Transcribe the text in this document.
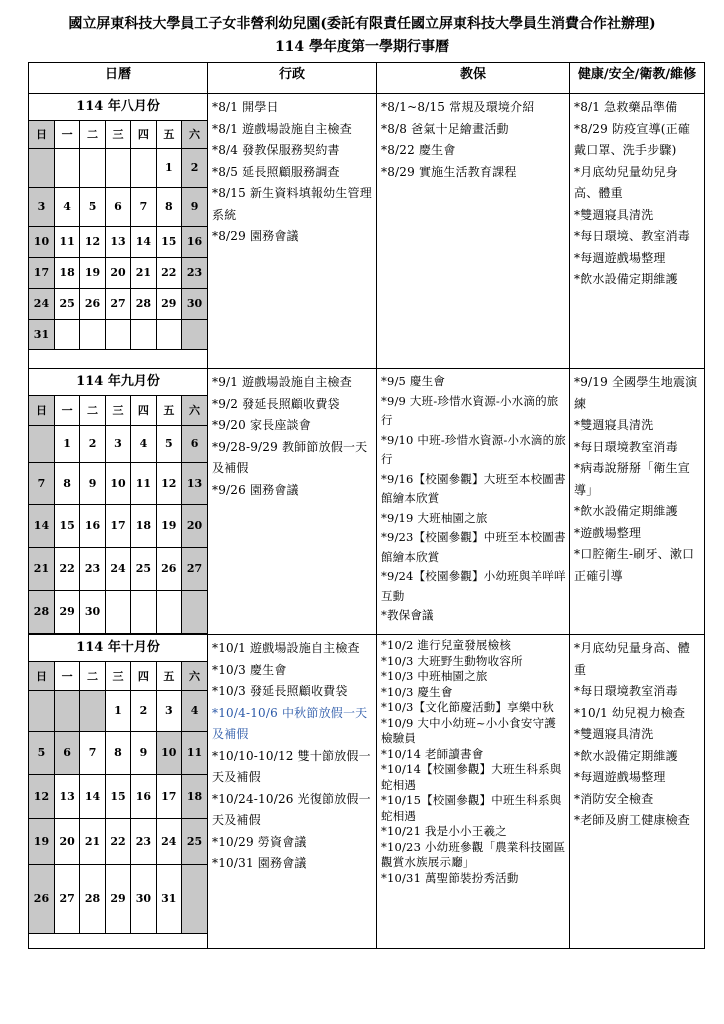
國立屏東科技大學員工子女非營利幼兒園(委託有限責任國立屏東科技大學員生消費合作社辦理)
114 學年度第一學期行事曆
日曆	行政	教保	健康/安全/衛教/維修

114 年八月份
日	一	二	三	四	五	六
					1	2
3	4	5	6	7	8	9
10	11	12	13	14	15	16
17	18	19	20	21	22	23
24	25	26	27	28	29	30
31						

*8/1 開學日
*8/1 遊戲場設施自主檢查
*8/4 發教保服務契約書
*8/5 延長照顧服務調查
*8/15 新生資料填報幼生管理系統
*8/29 園務會議

*8/1~8/15 常規及環境介紹
*8/8 爸氣十足繪畫活動
*8/22 慶生會
*8/29 實施生活教育課程

*8/1 急救藥品準備
*8/29 防疫宣導(正確戴口罩、洗手步驟)
*月底幼兒量幼兒身高、體重
*雙週寢具清洗
*每日環境、教室消毒
*每週遊戲場整理
*飲水設備定期維護

114 年九月份
日	一	二	三	四	五	六
	1	2	3	4	5	6
7	8	9	10	11	12	13
14	15	16	17	18	19	20
21	22	23	24	25	26	27
28	29	30				

*9/1 遊戲場設施自主檢查
*9/2 發延長照顧收費袋
*9/20 家長座談會
*9/28-9/29 教師節放假一天及補假
*9/26 園務會議

*9/5 慶生會
*9/9 大班-珍惜水資源-小水滴的旅行
*9/10 中班-珍惜水資源-小水滴的旅行
*9/16【校園參觀】大班至本校圖書館繪本欣賞
*9/19 大班柚園之旅
*9/23【校園參觀】中班至本校圖書館繪本欣賞
*9/24【校園參觀】小幼班與羊咩咩互動
*教保會議

*9/19 全國學生地震演練
*雙週寢具清洗
*每日環境教室消毒
*病毒說掰掰「衛生宣導」
*飲水設備定期維護
*遊戲場整理
*口腔衛生-刷牙、漱口正確引導

114 年十月份
日	一	二	三	四	五	六
			1	2	3	4
5	6	7	8	9	10	11
12	13	14	15	16	17	18
19	20	21	22	23	24	25
26	27	28	29	30	31	

*10/1 遊戲場設施自主檢查
*10/3 慶生會
*10/3 發延長照顧收費袋
*10/4-10/6 中秋節放假一天及補假
*10/10-10/12 雙十節放假一天及補假
*10/24-10/26 光復節放假一天及補假
*10/29 勞資會議
*10/31 園務會議

*10/2 進行兒童發展檢核
*10/3 大班野生動物收容所
*10/3 中班柚園之旅
*10/3 慶生會
*10/3【文化節慶活動】享樂中秋
*10/9 大中小幼班~小小食安守護檢驗員
*10/14 老師讀書會
*10/14【校園參觀】大班生科系與蛇相遇
*10/15【校園參觀】中班生科系與蛇相遇
*10/21 我是小小王羲之
*10/23 小幼班參觀「農業科技園區觀賞水族展示廳」
*10/31 萬聖節裝扮秀活動

*月底幼兒量身高、體重
*每日環境教室消毒
*10/1 幼兒視力檢查
*雙週寢具清洗
*飲水設備定期維護
*每週遊戲場整理
*消防安全檢查
*老師及廚工健康檢查
